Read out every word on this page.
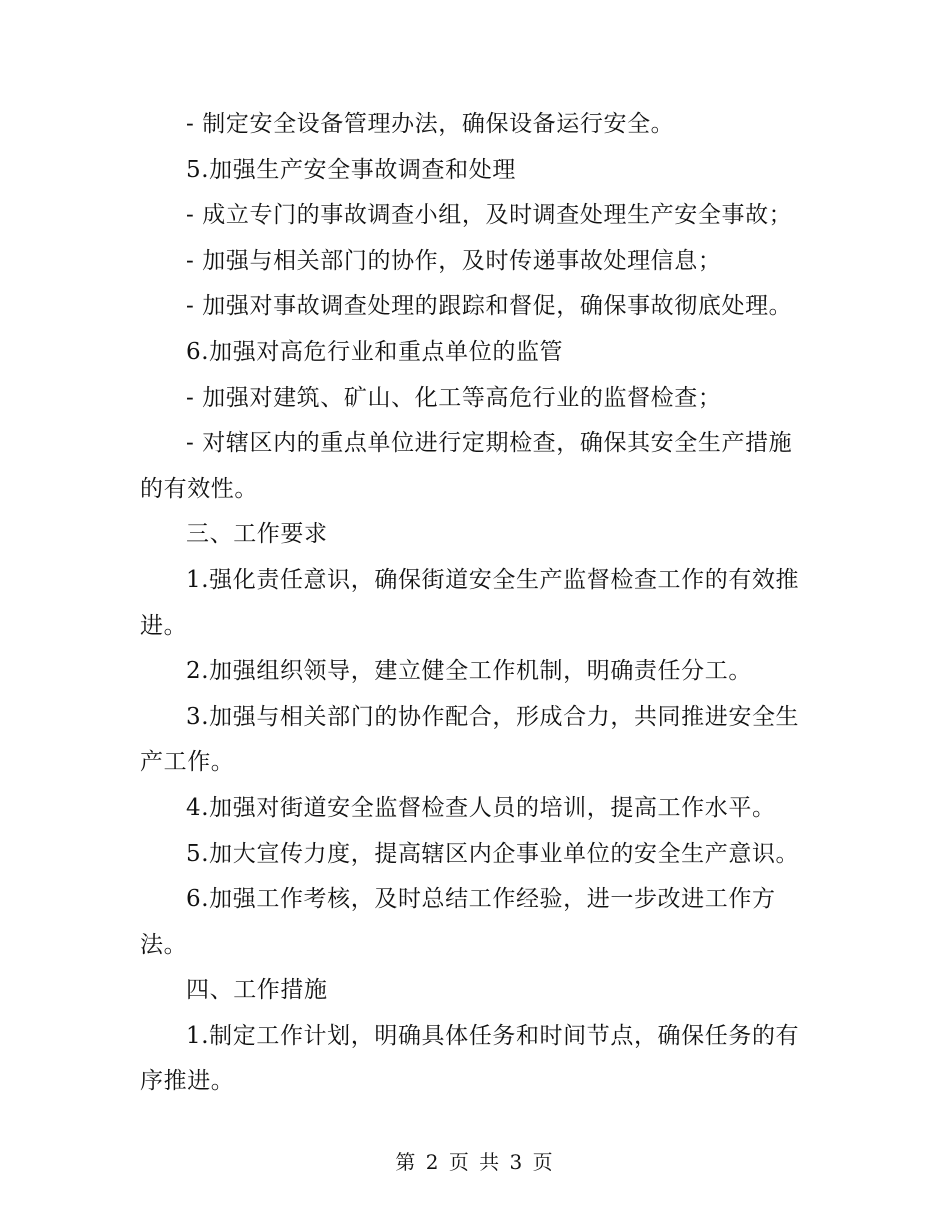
- 制定安全设备管理办法，确保设备运行安全。

5.加强生产安全事故调查和处理

- 成立专门的事故调查小组，及时调查处理生产安全事故；

- 加强与相关部门的协作，及时传递事故处理信息；

- 加强对事故调查处理的跟踪和督促，确保事故彻底处理。

6.加强对高危行业和重点单位的监管

- 加强对建筑、矿山、化工等高危行业的监督检查；

- 对辖区内的重点单位进行定期检查，确保其安全生产措施的有效性。

三、工作要求

1.强化责任意识，确保街道安全生产监督检查工作的有效推进。

2.加强组织领导，建立健全工作机制，明确责任分工。

3.加强与相关部门的协作配合，形成合力，共同推进安全生产工作。

4.加强对街道安全监督检查人员的培训，提高工作水平。

5.加大宣传力度，提高辖区内企事业单位的安全生产意识。

6.加强工作考核，及时总结工作经验，进一步改进工作方法。

四、工作措施

1.制定工作计划，明确具体任务和时间节点，确保任务的有序推进。

第 2 页 共 3 页
